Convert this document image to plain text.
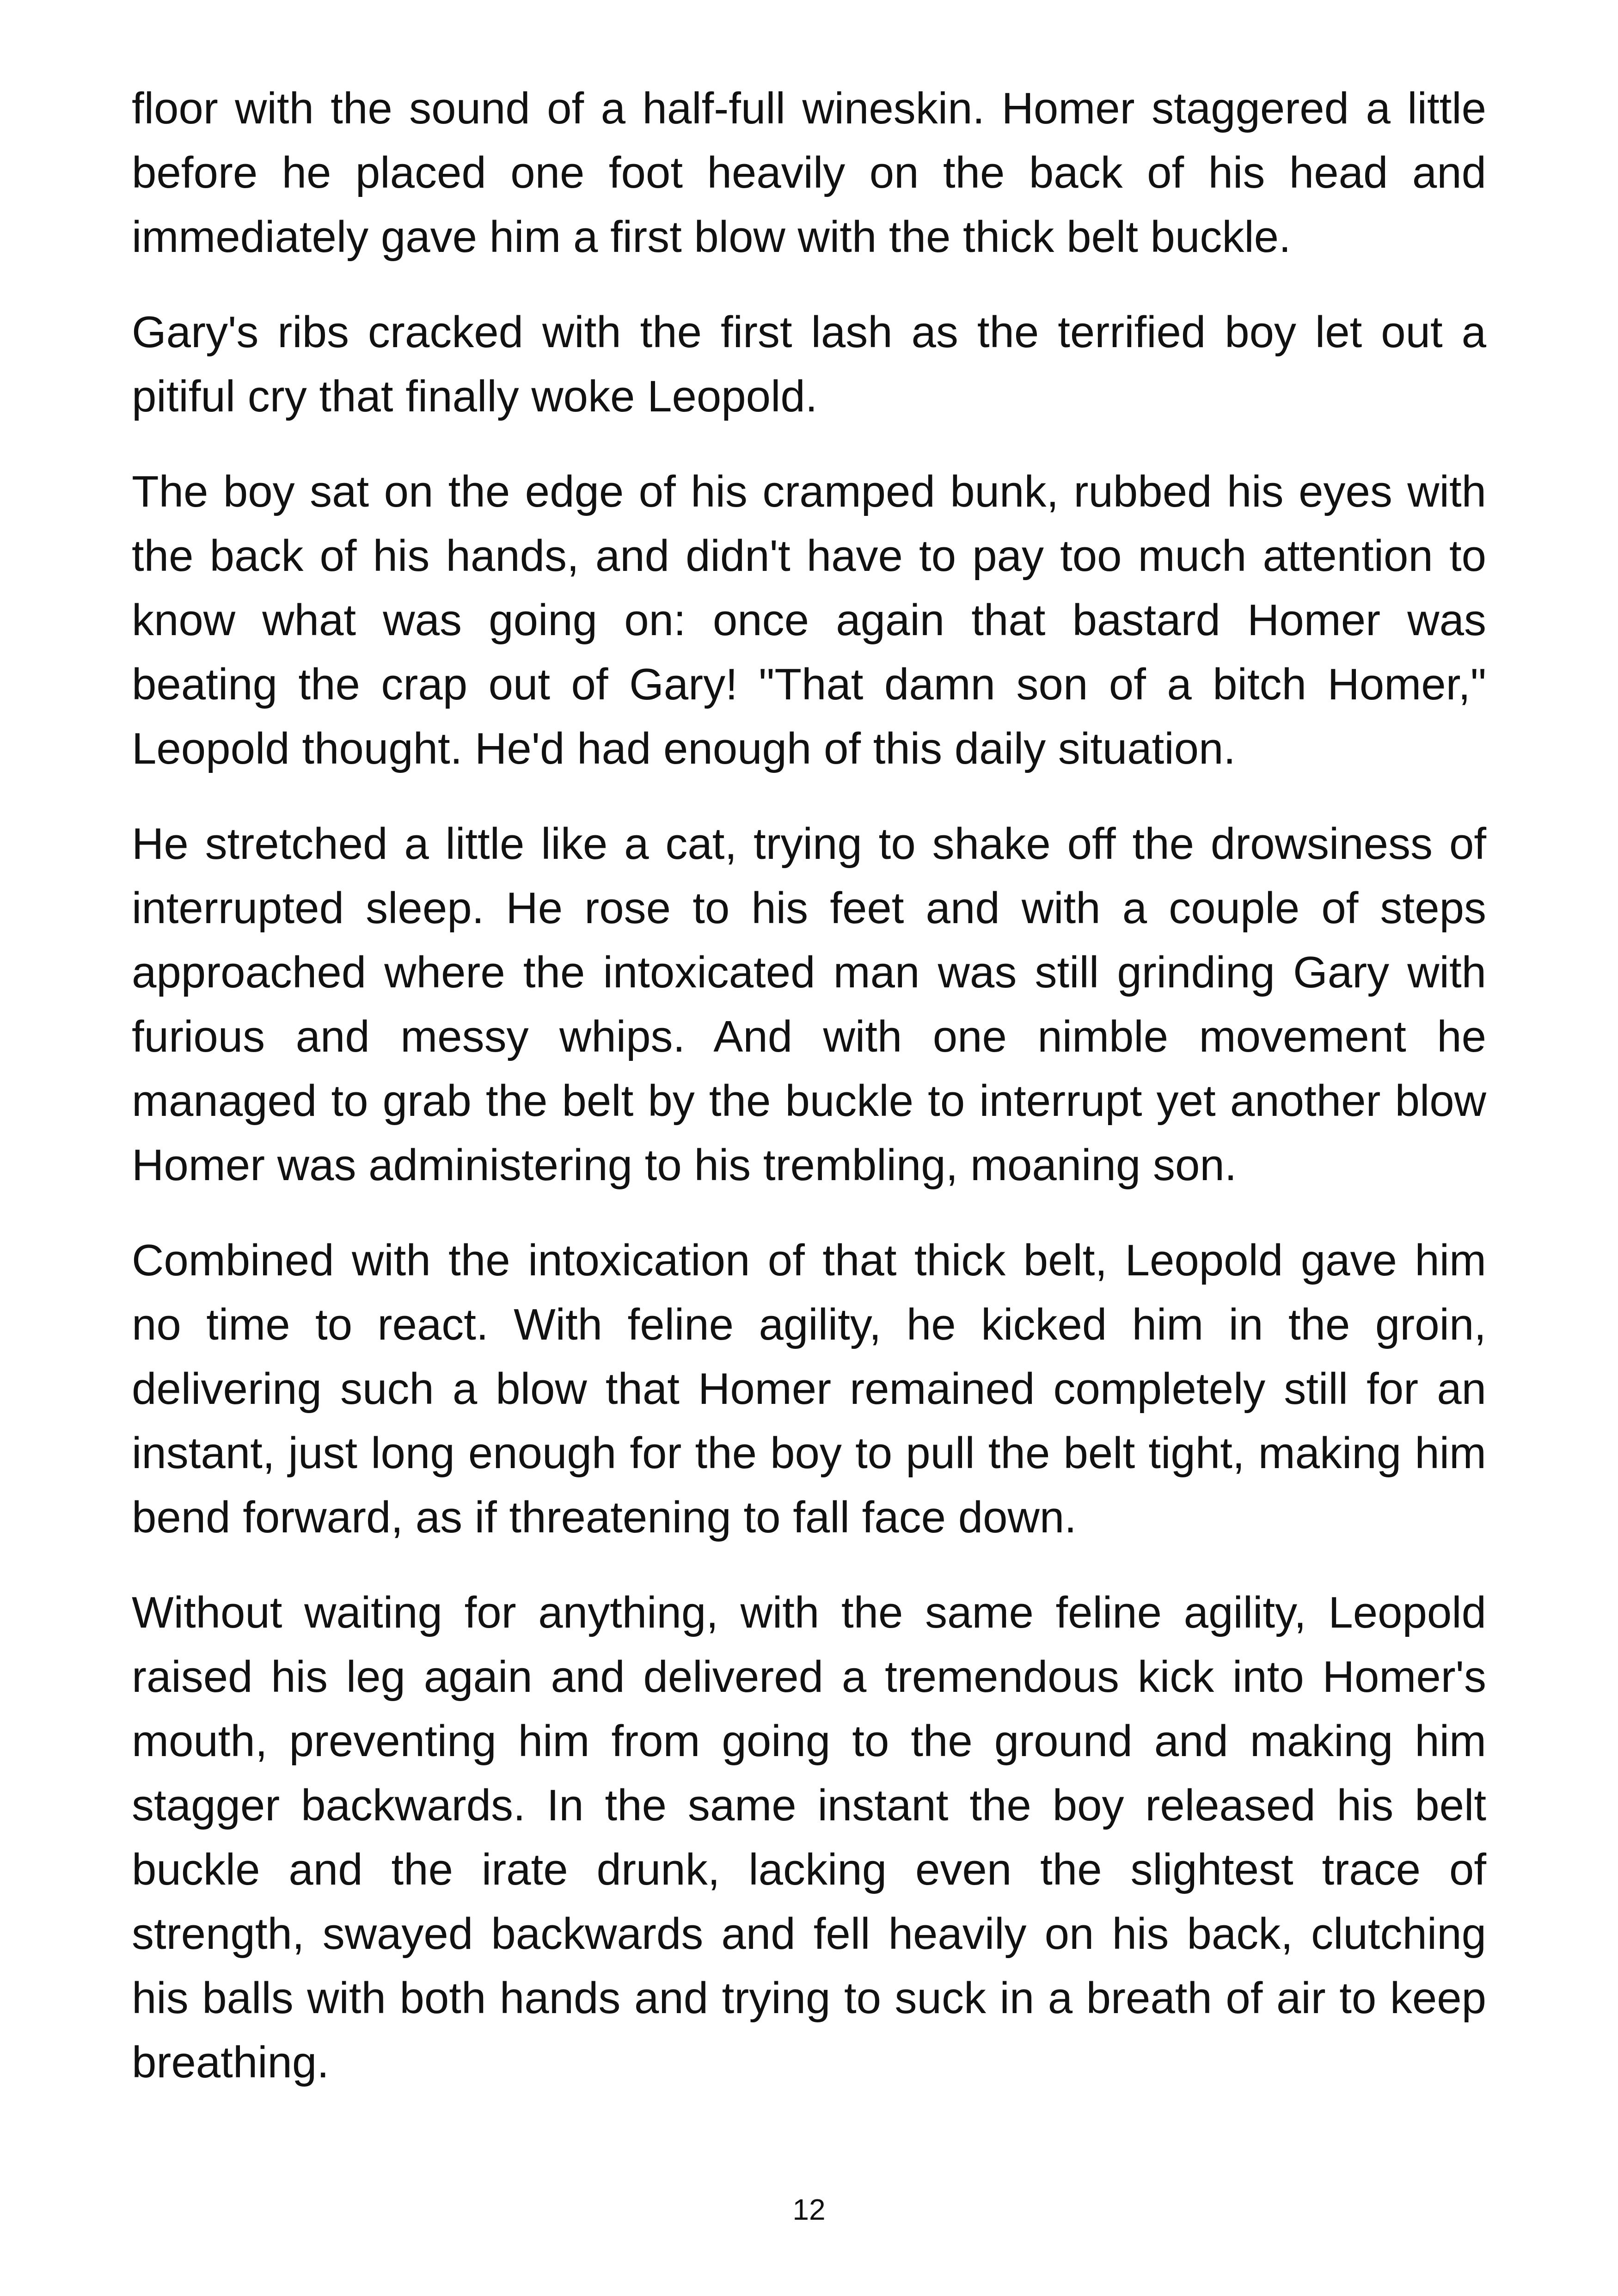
floor with the sound of a half-full wineskin. Homer staggered a little before he placed one foot heavily on the back of his head and immediately gave him a first blow with the thick belt buckle.

Gary's ribs cracked with the first lash as the terrified boy let out a pitiful cry that finally woke Leopold.

The boy sat on the edge of his cramped bunk, rubbed his eyes with the back of his hands, and didn't have to pay too much attention to know what was going on: once again that bastard Homer was beating the crap out of Gary! "That damn son of a bitch Homer," Leopold thought. He'd had enough of this daily situation.

He stretched a little like a cat, trying to shake off the drowsiness of interrupted sleep. He rose to his feet and with a couple of steps approached where the intoxicated man was still grinding Gary with furious and messy whips. And with one nimble movement he managed to grab the belt by the buckle to interrupt yet another blow Homer was administering to his trembling, moaning son.

Combined with the intoxication of that thick belt, Leopold gave him no time to react. With feline agility, he kicked him in the groin, delivering such a blow that Homer remained completely still for an instant, just long enough for the boy to pull the belt tight, making him bend forward, as if threatening to fall face down.

Without waiting for anything, with the same feline agility, Leopold raised his leg again and delivered a tremendous kick into Homer's mouth, preventing him from going to the ground and making him stagger backwards. In the same instant the boy released his belt buckle and the irate drunk, lacking even the slightest trace of strength, swayed backwards and fell heavily on his back, clutching his balls with both hands and trying to suck in a breath of air to keep breathing.

12
